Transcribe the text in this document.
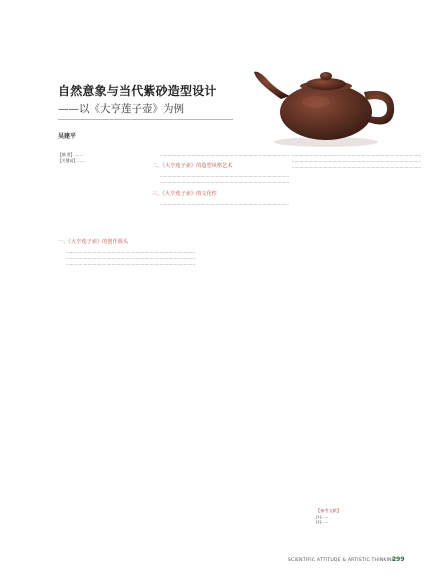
自然意象与当代紫砂造型设计
——以《大亨莲子壶》为例
吴建平

【摘 要】……

【关键词】……

一、《大亨莲子壶》的创作源头

…………………………………………………………………………………………

…………………………………………………………………………………………

…………………………………………………………………………………………

…………………………………………………………………………………………

二、《大亨莲子壶》的造型风格艺术

…………………………………………………………………………………………

…………………………………………………………………………………………

三、《大亨莲子壶》的文化性

…………………………………………………………………………………………

…………………………………………………………………………………………

…………………………………………………………………………………………

…………………………………………………………………………………………

【参考文献】
[1]……
[2]……
SCIENTIFIC ATTITUDE & ARTISTIC THINKING
299
